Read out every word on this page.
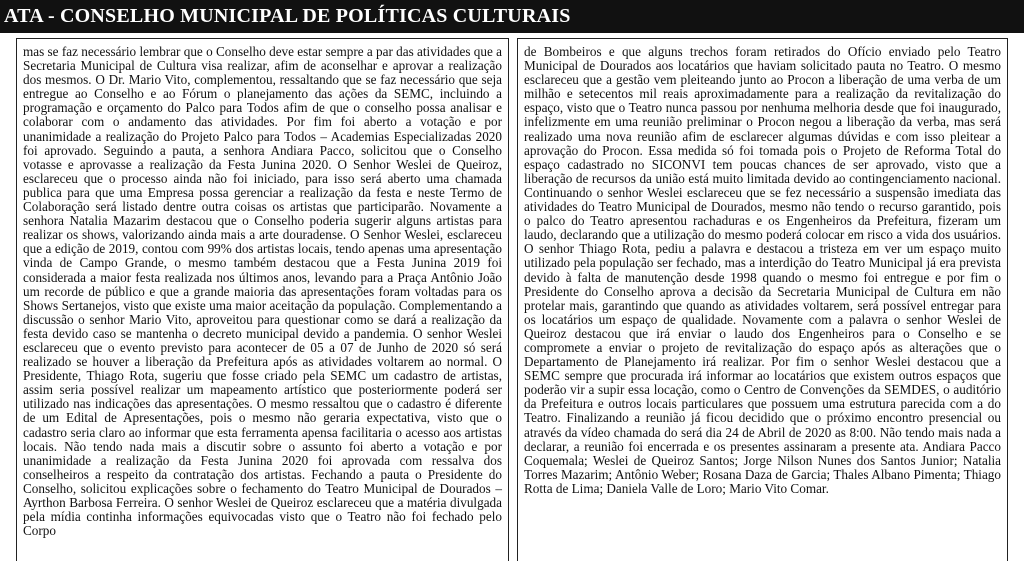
ATA - CONSELHO MUNICIPAL DE POLÍTICAS CULTURAIS

mas se faz necessário lembrar que o Conselho deve estar sempre a par das atividades que a Secretaria Municipal de Cultura visa realizar, afim de aconselhar e aprovar a realização dos mesmos. O Dr. Mario Vito, complementou, ressaltando que se faz necessário que seja entregue ao Conselho e ao Fórum o planejamento das ações da SEMC, incluindo a programação e orçamento do Palco para Todos afim de que o conselho possa analisar e colaborar com o andamento das atividades. Por fim foi aberto a votação e por unanimidade a realização do Projeto Palco para Todos – Academias Especializadas 2020 foi aprovado. Seguindo a pauta, a senhora Andiara Pacco, solicitou que o Conselho votasse e aprovasse a realização da Festa Junina 2020. O Senhor Weslei de Queiroz, esclareceu que o processo ainda não foi iniciado, para isso será aberto uma chamada publica para que uma Empresa possa gerenciar a realização da festa e neste Termo de Colaboração será listado dentre outra coisas os artistas que participarão. Novamente a senhora Natalia Mazarim destacou que o Conselho poderia sugerir alguns artistas para realizar os shows, valorizando ainda mais a arte douradense. O Senhor Weslei, esclareceu que a edição de 2019, contou com 99% dos artistas locais, tendo apenas uma apresentação vinda de Campo Grande, o mesmo também destacou que a Festa Junina 2019 foi considerada a maior festa realizada nos últimos anos, levando para a Praça Antônio João um recorde de público e que a grande maioria das apresentações foram voltadas para os Shows Sertanejos, visto que existe uma maior aceitação da população. Complementando a discussão o senhor Mario Vito, aproveitou para questionar como se dará a realização da festa devido caso se mantenha o decreto municipal devido a pandemia. O senhor Weslei esclareceu que o evento previsto para acontecer de 05 a 07 de Junho de 2020 só será realizado se houver a liberação da Prefeitura após as atividades voltarem ao normal. O Presidente, Thiago Rota, sugeriu que fosse criado pela SEMC um cadastro de artistas, assim seria possível realizar um mapeamento artístico que posteriormente poderá ser utilizado nas indicações das apresentações. O mesmo ressaltou que o cadastro é diferente de um Edital de Apresentações, pois o mesmo não geraria expectativa, visto que o cadastro seria claro ao informar que esta ferramenta apensa facilitaria o acesso aos artistas locais. Não tendo nada mais a discutir sobre o assunto foi aberto a votação e por unanimidade a realização da Festa Junina 2020 foi aprovada com ressalva dos conselheiros a respeito da contratação dos artistas. Fechando a pauta o Presidente do Conselho, solicitou explicações sobre o fechamento do Teatro Municipal de Dourados – Ayrthon Barbosa Ferreira. O senhor Weslei de Queiroz esclareceu que a matéria divulgada pela mídia continha informações equivocadas visto que o Teatro não foi fechado pelo Corpo

de Bombeiros e que alguns trechos foram retirados do Ofício enviado pelo Teatro Municipal de Dourados aos locatários que haviam solicitado pauta no Teatro. O mesmo esclareceu que a gestão vem pleiteando junto ao Procon a liberação de uma verba de um milhão e setecentos mil reais aproximadamente para a realização da revitalização do espaço, visto que o Teatro nunca passou por nenhuma melhoria desde que foi inaugurado, infelizmente em uma reunião preliminar o Procon negou a liberação da verba, mas será realizado uma nova reunião afim de esclarecer algumas dúvidas e com isso pleitear a aprovação do Procon. Essa medida só foi tomada pois o Projeto de Reforma Total do espaço cadastrado no SICONVI tem poucas chances de ser aprovado, visto que a liberação de recursos da união está muito limitada devido ao contingenciamento nacional. Continuando o senhor Weslei esclareceu que se fez necessário a suspensão imediata das atividades do Teatro Municipal de Dourados, mesmo não tendo o recurso garantido, pois o palco do Teatro apresentou rachaduras e os Engenheiros da Prefeitura, fizeram um laudo, declarando que a utilização do mesmo poderá colocar em risco a vida dos usuários. O senhor Thiago Rota, pediu a palavra e destacou a tristeza em ver um espaço muito utilizado pela população ser fechado, mas a interdição do Teatro Municipal já era prevista devido à falta de manutenção desde 1998 quando o mesmo foi entregue e por fim o Presidente do Conselho aprova a decisão da Secretaria Municipal de Cultura em não protelar mais, garantindo que quando as atividades voltarem, será possível entregar para os locatários um espaço de qualidade. Novamente com a palavra o senhor Weslei de Queiroz destacou que irá enviar o laudo dos Engenheiros para o Conselho e se compromete a enviar o projeto de revitalização do espaço após as alterações que o Departamento de Planejamento irá realizar. Por fim o senhor Weslei destacou que a SEMC sempre que procurada irá informar ao locatários que existem outros espaços que poderão vir a supir essa locação, como o Centro de Convenções da SEMDES, o auditório da Prefeitura e outros locais particulares que possuem uma estrutura parecida com a do Teatro. Finalizando a reunião já ficou decidido que o próximo encontro presencial ou através da vídeo chamada do será dia 24 de Abril de 2020 as 8:00. Não tendo mais nada a declarar, a reunião foi encerrada e os presentes assinaram a presente ata. Andiara Pacco Coquemala; Weslei de Queiroz Santos; Jorge Nilson Nunes dos Santos Junior; Natalia Torres Mazarim; Antônio Weber; Rosana Daza de Garcia; Thales Albano Pimenta; Thiago Rotta de Lima; Daniela Valle de Loro; Mario Vito Comar.
